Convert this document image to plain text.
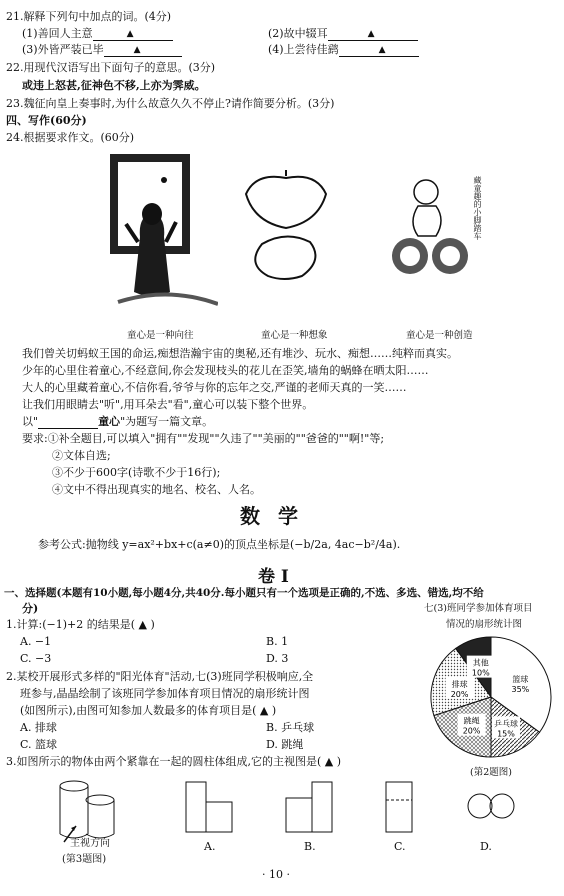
21.解释下列句中加点的词。(4分)
(1)善回人主意	▲	(2)故中辍耳	▲
(3)外皆严装已毕	▲	(4)上尝待佳鹞	▲
22.用现代汉语写出下面句子的意思。(3分)
或违上怒甚,征神色不移,上亦为霁威。
23.魏征向皇上奏事时,为什么故意久久不停止?请作简要分析。(3分)
四、写作(60分)
24.根据要求作文。(60分)
藏童趣的小脚踏车
童心是一种向往	童心是一种想象	童心是一种创造
我们曾关切蚂蚁王国的命运,痴想浩瀚宇宙的奥秘,还有堆沙、玩水、痴想……纯粹而真实。
少年的心里住着童心,不经意间,你会发现枝头的花儿在歪笑,墙角的蜗蜂在晒太阳……
大人的心里藏着童心,不信你看,爷爷与你的忘年之交,严谨的老师天真的一笑……
让我们用眼睛去"听",用耳朵去"看",童心可以装下整个世界。
以"	童心"为题写一篇文章。
要求:①补全题目,可以填入"拥有""发现""久违了""美丽的""爸爸的""啊!"等;
②文体自选;
③不少于600字(诗歌不少于16行);
④文中不得出现真实的地名、校名、人名。
数学
参考公式:抛物线 y=ax²+bx+c(a≠0)的顶点坐标是(−b/2a, 4ac−b²/4a).
卷 Ⅰ
一、选择题(本题有10小题,每小题4分,共40分.每小题只有一个选项是正确的,不选、多选、错选,均不给
分)	七(3)班同学参加体育项目
情况的扇形统计图
1.计算:(−1)+2 的结果是( ▲ )
A. −1	B. 1
C. −3	D. 3
2.某校开展形式多样的"阳光体育"活动,七(3)班同学积极响应,全
班参与,晶晶绘制了该班同学参加体育项目情况的扇形统计图
(如图所示),由图可知参加人数最多的体育项目是( ▲ )
A. 排球	B. 乒乓球
C. 篮球	D. 跳绳
篮球
35%
乒乓球
15%
跳绳
20%
排球
20%
其他
10%
(第2题图)
3.如图所示的物体由两个紧靠在一起的圆柱体组成,它的主视图是( ▲ )
主视方向
(第3题图)
A.	B.	C.	D.
· 10 ·
